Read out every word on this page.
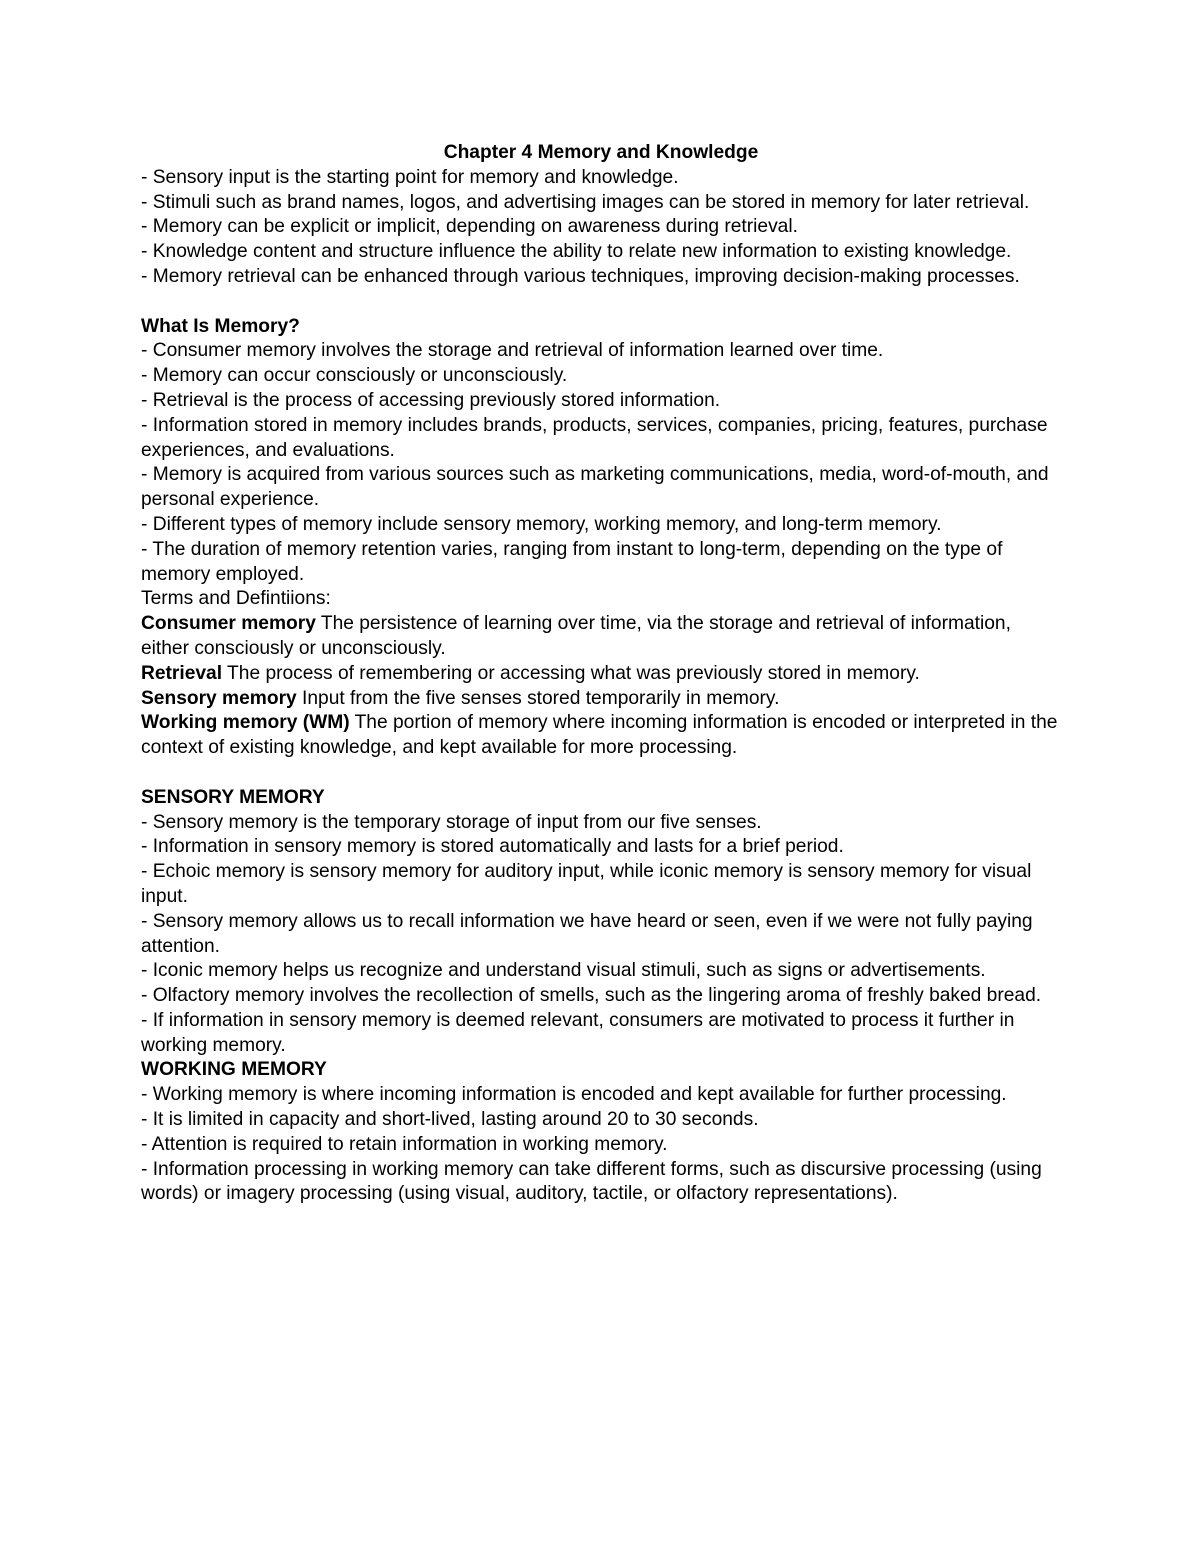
Chapter 4 Memory and Knowledge

- Sensory input is the starting point for memory and knowledge.

- Stimuli such as brand names, logos, and advertising images can be stored in memory for later retrieval.

- Memory can be explicit or implicit, depending on awareness during retrieval.

- Knowledge content and structure influence the ability to relate new information to existing knowledge.

- Memory retrieval can be enhanced through various techniques, improving decision-making processes.

What Is Memory?

- Consumer memory involves the storage and retrieval of information learned over time.

- Memory can occur consciously or unconsciously.

- Retrieval is the process of accessing previously stored information.

- Information stored in memory includes brands, products, services, companies, pricing, features, purchase experiences, and evaluations.

- Memory is acquired from various sources such as marketing communications, media, word-of-mouth, and personal experience.

- Different types of memory include sensory memory, working memory, and long-term memory.

- The duration of memory retention varies, ranging from instant to long-term, depending on the type of memory employed.

Terms and Defintiions:

Consumer memory The persistence of learning over time, via the storage and retrieval of information, either consciously or unconsciously.

Retrieval The process of remembering or accessing what was previously stored in memory.

Sensory memory Input from the five senses stored temporarily in memory.

Working memory (WM) The portion of memory where incoming information is encoded or interpreted in the context of existing knowledge, and kept available for more processing.

SENSORY MEMORY

- Sensory memory is the temporary storage of input from our five senses.

- Information in sensory memory is stored automatically and lasts for a brief period.

- Echoic memory is sensory memory for auditory input, while iconic memory is sensory memory for visual input.

- Sensory memory allows us to recall information we have heard or seen, even if we were not fully paying attention.

- Iconic memory helps us recognize and understand visual stimuli, such as signs or advertisements.

- Olfactory memory involves the recollection of smells, such as the lingering aroma of freshly baked bread.

- If information in sensory memory is deemed relevant, consumers are motivated to process it further in working memory.

WORKING MEMORY

- Working memory is where incoming information is encoded and kept available for further processing.

- It is limited in capacity and short-lived, lasting around 20 to 30 seconds.

- Attention is required to retain information in working memory.

- Information processing in working memory can take different forms, such as discursive processing (using words) or imagery processing (using visual, auditory, tactile, or olfactory representations).
